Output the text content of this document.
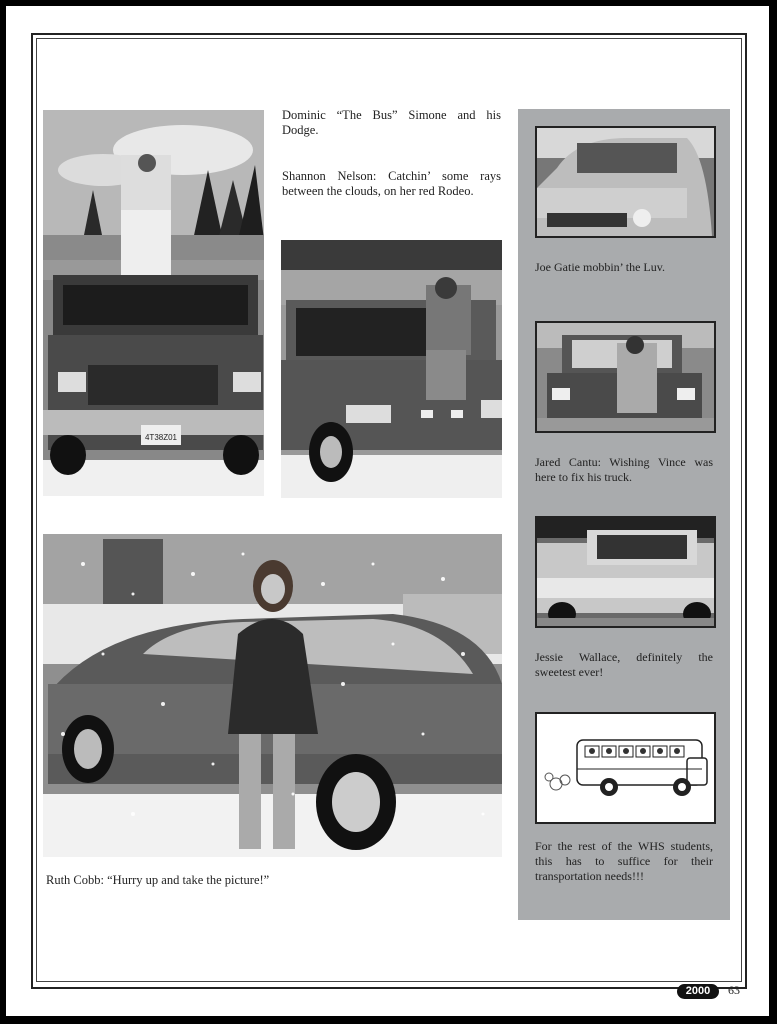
4T38Z01
Dominic “The Bus” Simone and his Dodge.
Shannon Nelson: Catchin’ some rays between the clouds, on her red Rodeo.
Ruth Cobb: “Hurry up and take the picture!”
Joe Gatie mobbin’ the Luv.
Jared Cantu: Wishing Vince was here to fix his truck.
Jessie Wallace, definitely the sweetest ever!
For the rest of the WHS students, this has to suffice for their transportation needs!!!
2000	63
